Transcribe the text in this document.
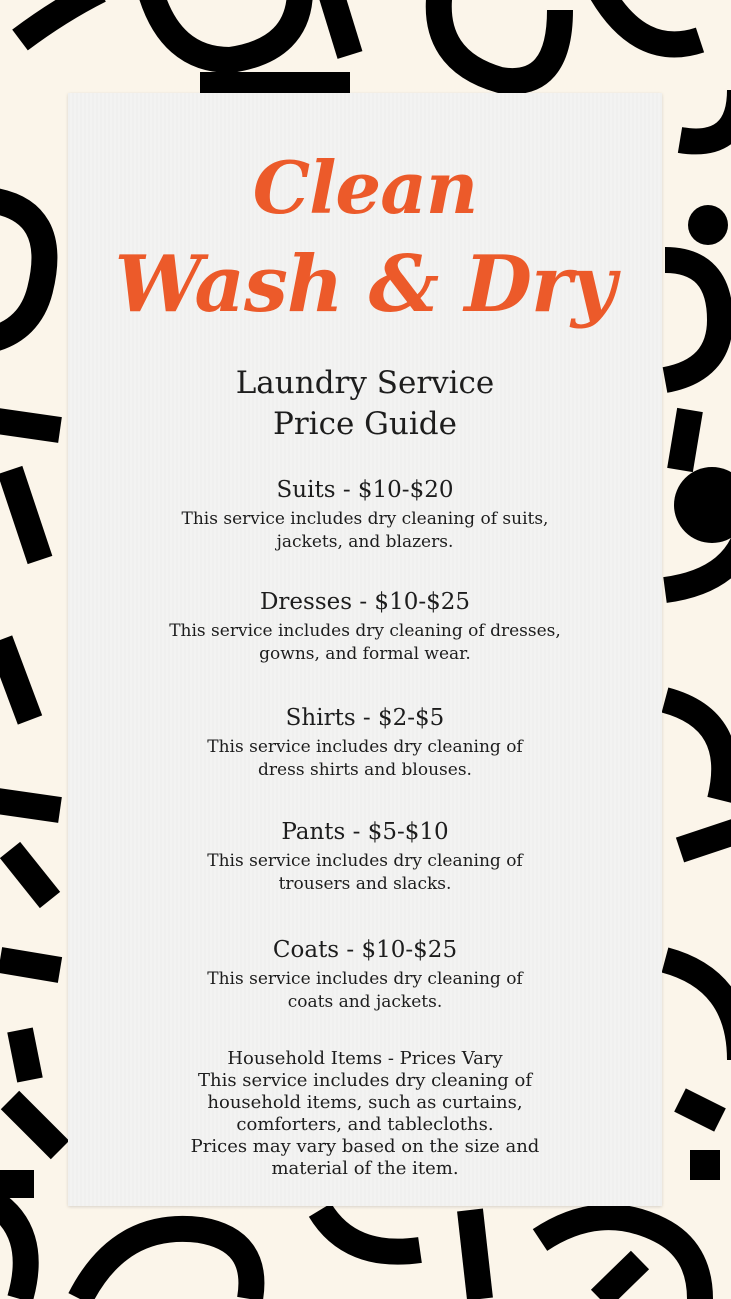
Clean
Wash & Dry
Laundry Service
Price Guide
Suits - $10-$20
This service includes dry cleaning of suits,
jackets, and blazers.
Dresses - $10-$25
This service includes dry cleaning of dresses,
gowns, and formal wear.
Shirts - $2-$5
This service includes dry cleaning of
dress shirts and blouses.
Pants - $5-$10
This service includes dry cleaning of
trousers and slacks.
Coats - $10-$25
This service includes dry cleaning of
coats and jackets.
Household Items - Prices Vary
This service includes dry cleaning of
household items, such as curtains,
comforters, and tablecloths.
Prices may vary based on the size and
material of the item.
